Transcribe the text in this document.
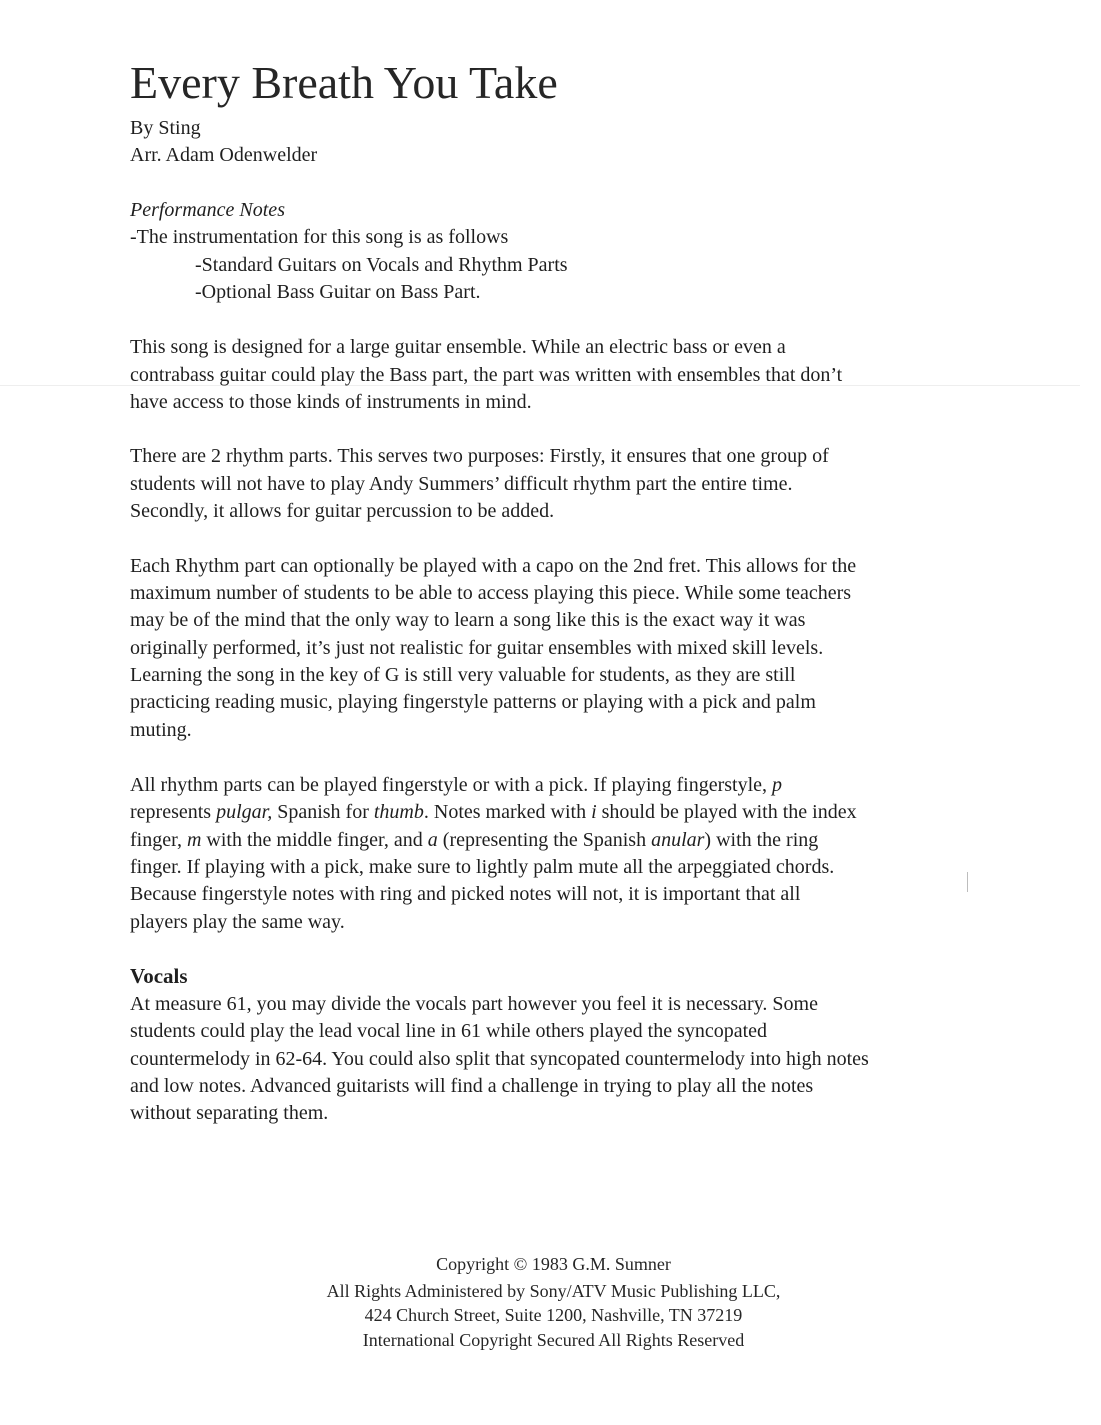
Every Breath You Take
By Sting
Arr. Adam Odenwelder
Performance Notes
-The instrumentation for this song is as follows
-Standard Guitars on Vocals and Rhythm Parts
-Optional Bass Guitar on Bass Part.
This song is designed for a large guitar ensemble. While an electric bass or even a
contrabass guitar could play the Bass part, the part was written with ensembles that don’t
have access to those kinds of instruments in mind.
There are 2 rhythm parts. This serves two purposes: Firstly, it ensures that one group of
students will not have to play Andy Summers’ difficult rhythm part the entire time.
Secondly, it allows for guitar percussion to be added.
Each Rhythm part can optionally be played with a capo on the 2nd fret. This allows for the
maximum number of students to be able to access playing this piece. While some teachers
may be of the mind that the only way to learn a song like this is the exact way it was
originally performed, it’s just not realistic for guitar ensembles with mixed skill levels.
Learning the song in the key of G is still very valuable for students, as they are still
practicing reading music, playing fingerstyle patterns or playing with a pick and palm
muting.
All rhythm parts can be played fingerstyle or with a pick. If playing fingerstyle, p
represents pulgar, Spanish for thumb. Notes marked with i should be played with the index
finger, m with the middle finger, and a (representing the Spanish anular) with the ring
finger. If playing with a pick, make sure to lightly palm mute all the arpeggiated chords.
Because fingerstyle notes with ring and picked notes will not, it is important that all
players play the same way.
Vocals
At measure 61, you may divide the vocals part however you feel it is necessary. Some
students could play the lead vocal line in 61 while others played the syncopated
countermelody in 62-64. You could also split that syncopated countermelody into high notes
and low notes. Advanced guitarists will find a challenge in trying to play all the notes
without separating them.
Copyright © 1983 G.M. Sumner
All Rights Administered by Sony/ATV Music Publishing LLC,
424 Church Street, Suite 1200, Nashville, TN 37219
International Copyright Secured All Rights Reserved
